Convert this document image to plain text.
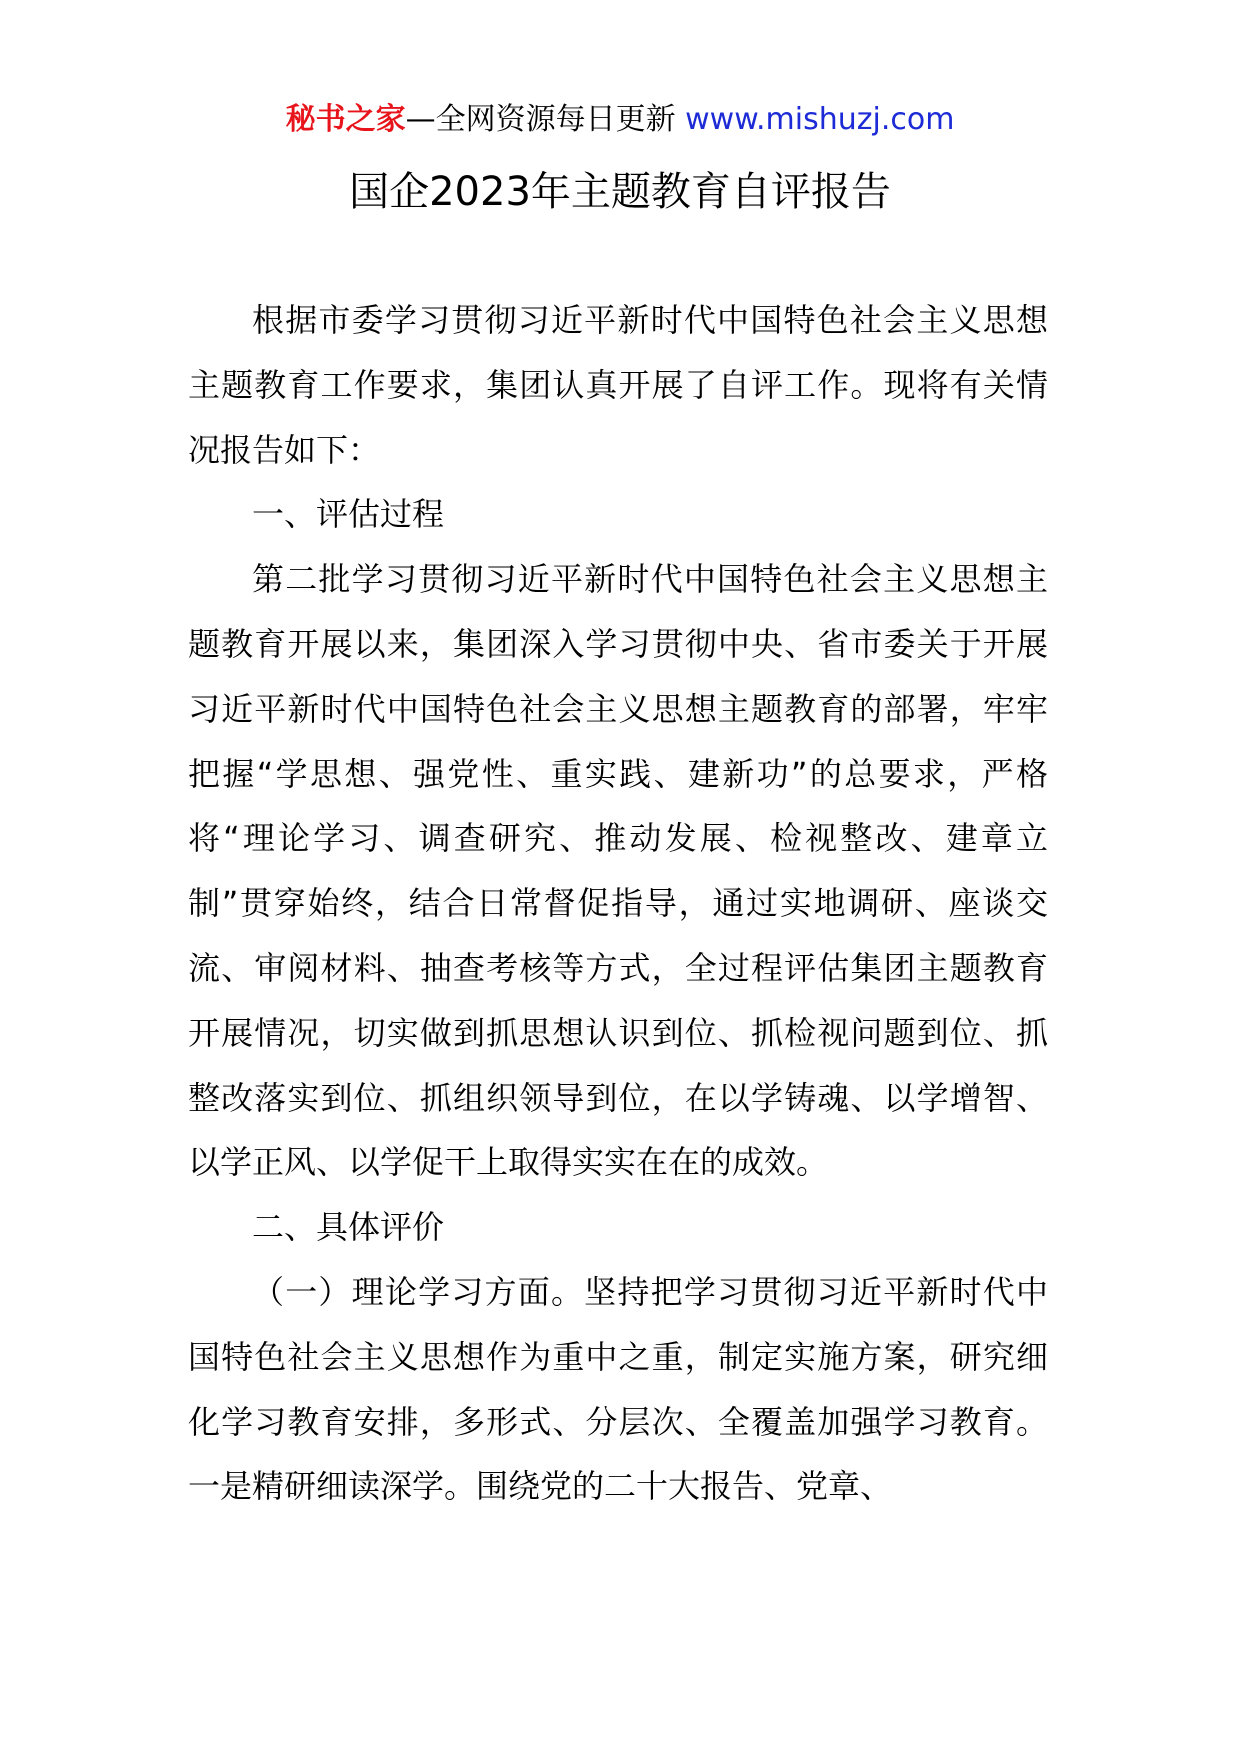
秘书之家—全网资源每日更新 www.mishuzj.com
国企2023年主题教育自评报告

根据市委学习贯彻习近平新时代中国特色社会主义思想主题教育工作要求，集团认真开展了自评工作。现将有关情况报告如下：

一、评估过程

第二批学习贯彻习近平新时代中国特色社会主义思想主题教育开展以来，集团深入学习贯彻中央、省市委关于开展习近平新时代中国特色社会主义思想主题教育的部署，牢牢把握“学思想、强党性、重实践、建新功”的总要求，严格将“理论学习、调查研究、推动发展、检视整改、建章立制”贯穿始终，结合日常督促指导，通过实地调研、座谈交流、审阅材料、抽查考核等方式，全过程评估集团主题教育开展情况，切实做到抓思想认识到位、抓检视问题到位、抓整改落实到位、抓组织领导到位，在以学铸魂、以学增智、以学正风、以学促干上取得实实在在的成效。

二、具体评价

（一）理论学习方面。坚持把学习贯彻习近平新时代中国特色社会主义思想作为重中之重，制定实施方案，研究细化学习教育安排，多形式、分层次、全覆盖加强学习教育。一是精研细读深学。围绕党的二十大报告、党章、
